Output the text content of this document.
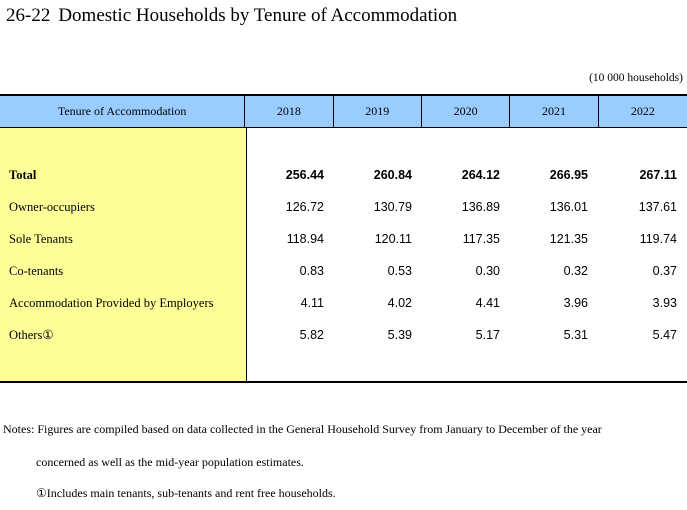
26-22 Domestic Households by Tenure of Accommodation
(10 000 households)
Tenure of Accommodation	2018	2019	2020	2021	2022
Total	256.44	260.84	264.12	266.95	267.11
Owner-occupiers	126.72	130.79	136.89	136.01	137.61
Sole Tenants	118.94	120.11	117.35	121.35	119.74
Co-tenants	0.83	0.53	0.30	0.32	0.37
Accommodation Provided by Employers	4.11	4.02	4.41	3.96	3.93
Others①	5.82	5.39	5.17	5.31	5.47
Notes: Figures are compiled based on data collected in the General Household Survey from January to December of the year
concerned as well as the mid-year population estimates.
①Includes main tenants, sub-tenants and rent free households.
